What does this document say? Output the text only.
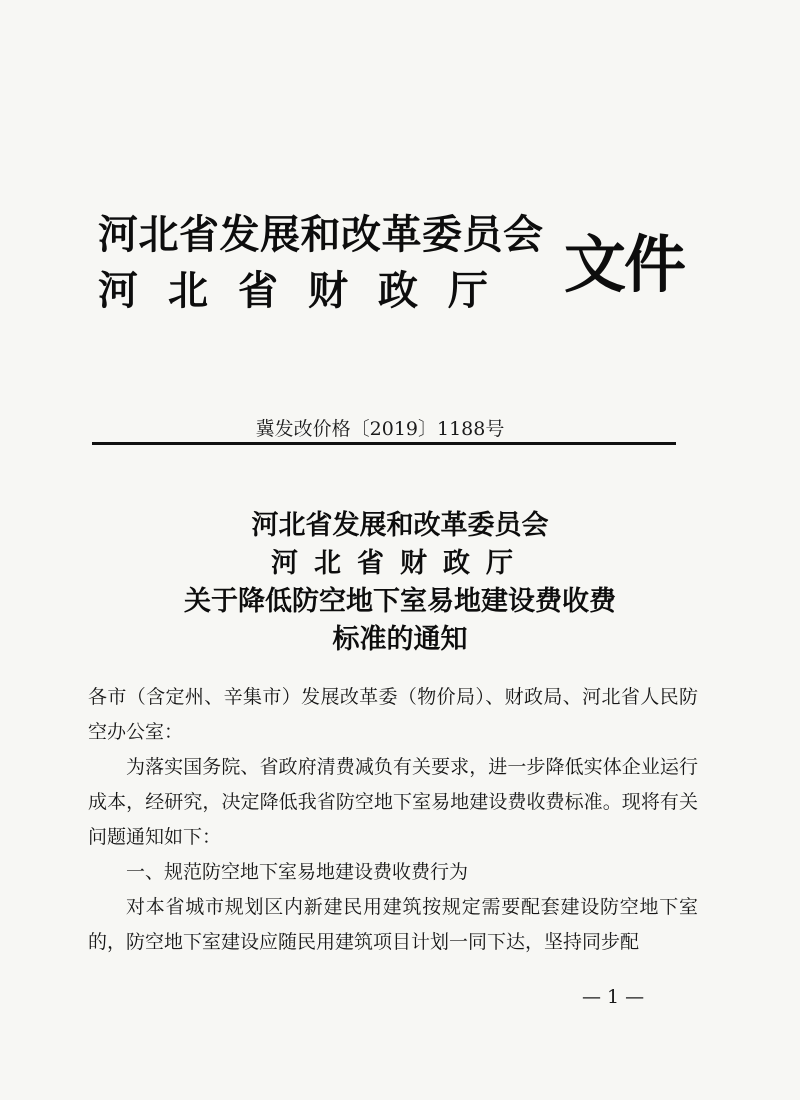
河北省发展和改革委员会
河北省财政厅 文件
冀发改价格〔2019〕1188号
河北省发展和改革委员会
河北省财政厅
关于降低防空地下室易地建设费收费
标准的通知

各市（含定州、辛集市）发展改革委（物价局）、财政局、河北省人民防空办公室：

为落实国务院、省政府清费减负有关要求，进一步降低实体企业运行成本，经研究，决定降低我省防空地下室易地建设费收费标准。现将有关问题通知如下：

一、规范防空地下室易地建设费收费行为

对本省城市规划区内新建民用建筑按规定需要配套建设防空地下室的，防空地下室建设应随民用建筑项目计划一同下达，坚持同步配

— 1 —
